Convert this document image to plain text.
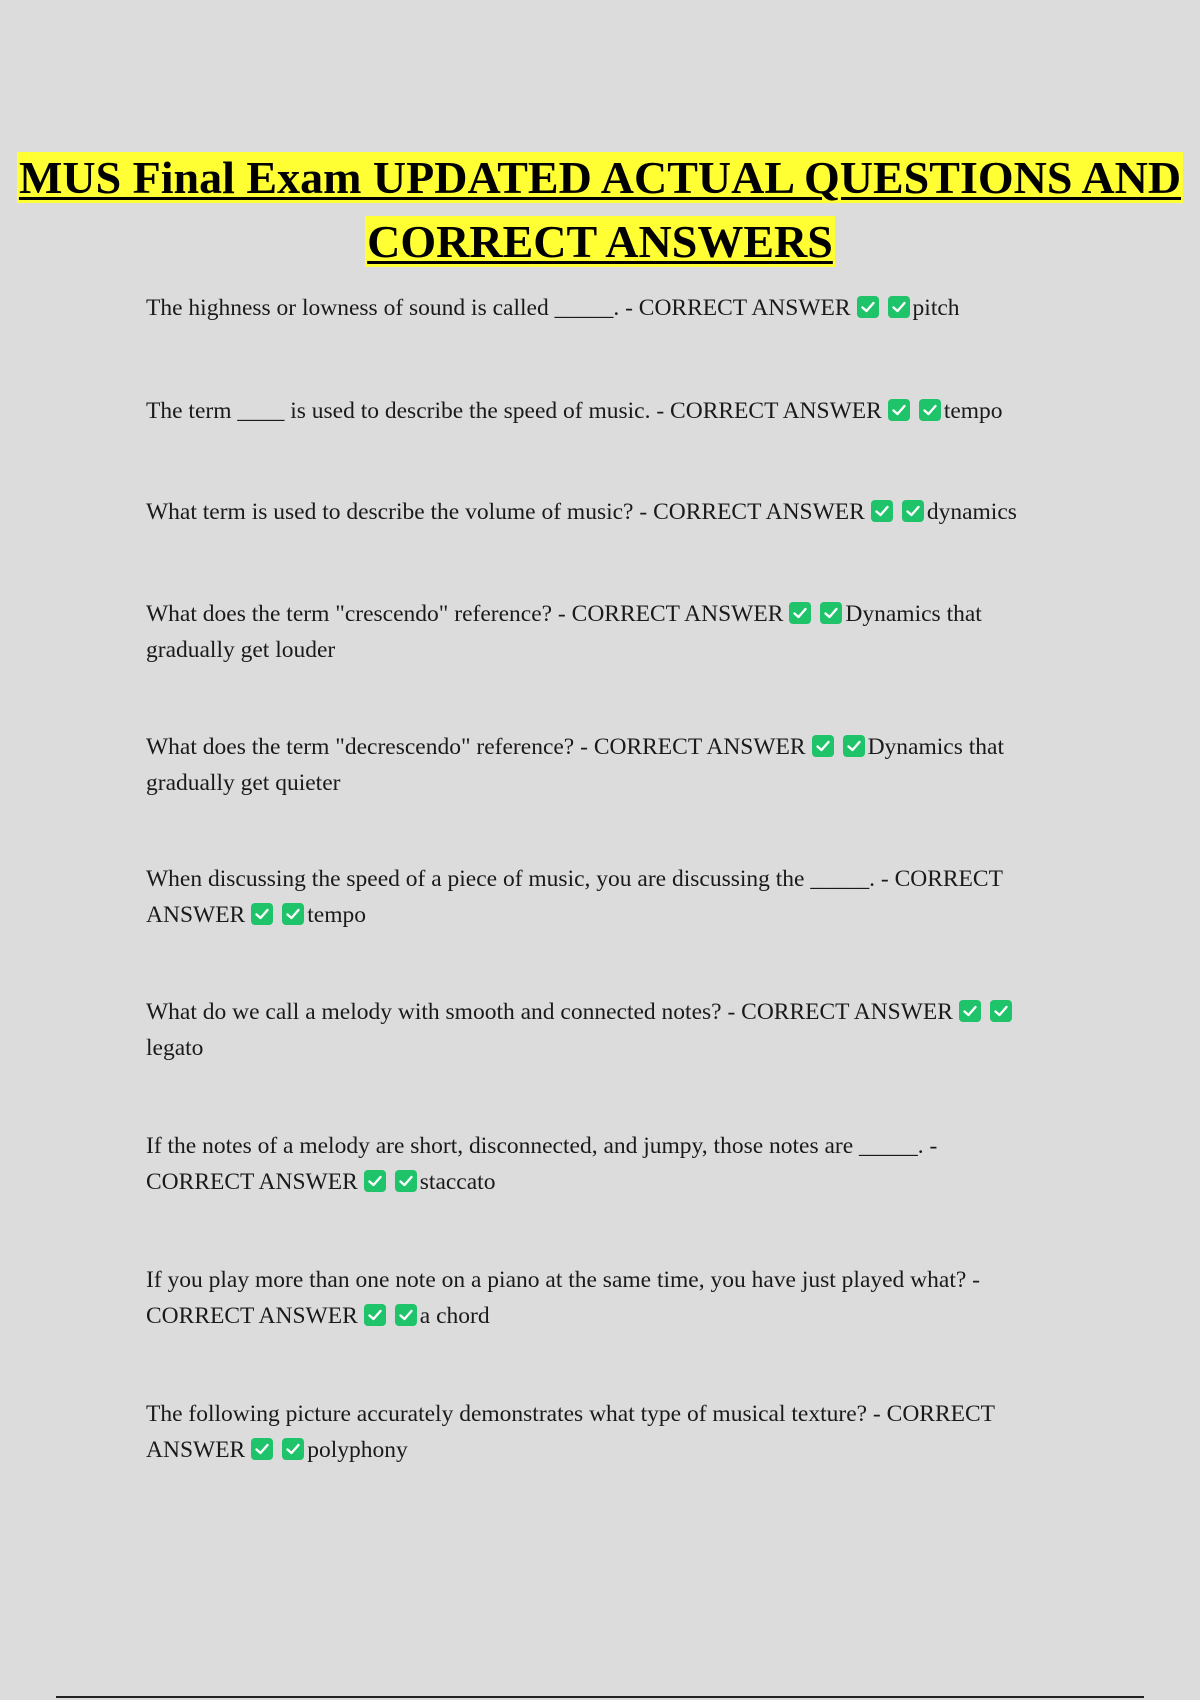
MUS Final Exam UPDATED ACTUAL QUESTIONS AND CORRECT ANSWERS

The highness or lowness of sound is called _____. - CORRECT ANSWER	pitch

The term ____ is used to describe the speed of music. - CORRECT ANSWER	tempo

What term is used to describe the volume of music? - CORRECT ANSWER	dynamics

What does the term "crescendo" reference? - CORRECT ANSWER	Dynamics that gradually get louder

What does the term "decrescendo" reference? - CORRECT ANSWER	Dynamics that gradually get quieter

When discussing the speed of a piece of music, you are discussing the _____. - CORRECT ANSWER	tempo

What do we call a melody with smooth and connected notes? - CORRECT ANSWER
legato

If the notes of a melody are short, disconnected, and jumpy, those notes are _____. - CORRECT ANSWER	staccato

If you play more than one note on a piano at the same time, you have just played what? - CORRECT ANSWER	a chord

The following picture accurately demonstrates what type of musical texture? - CORRECT ANSWER	polyphony
